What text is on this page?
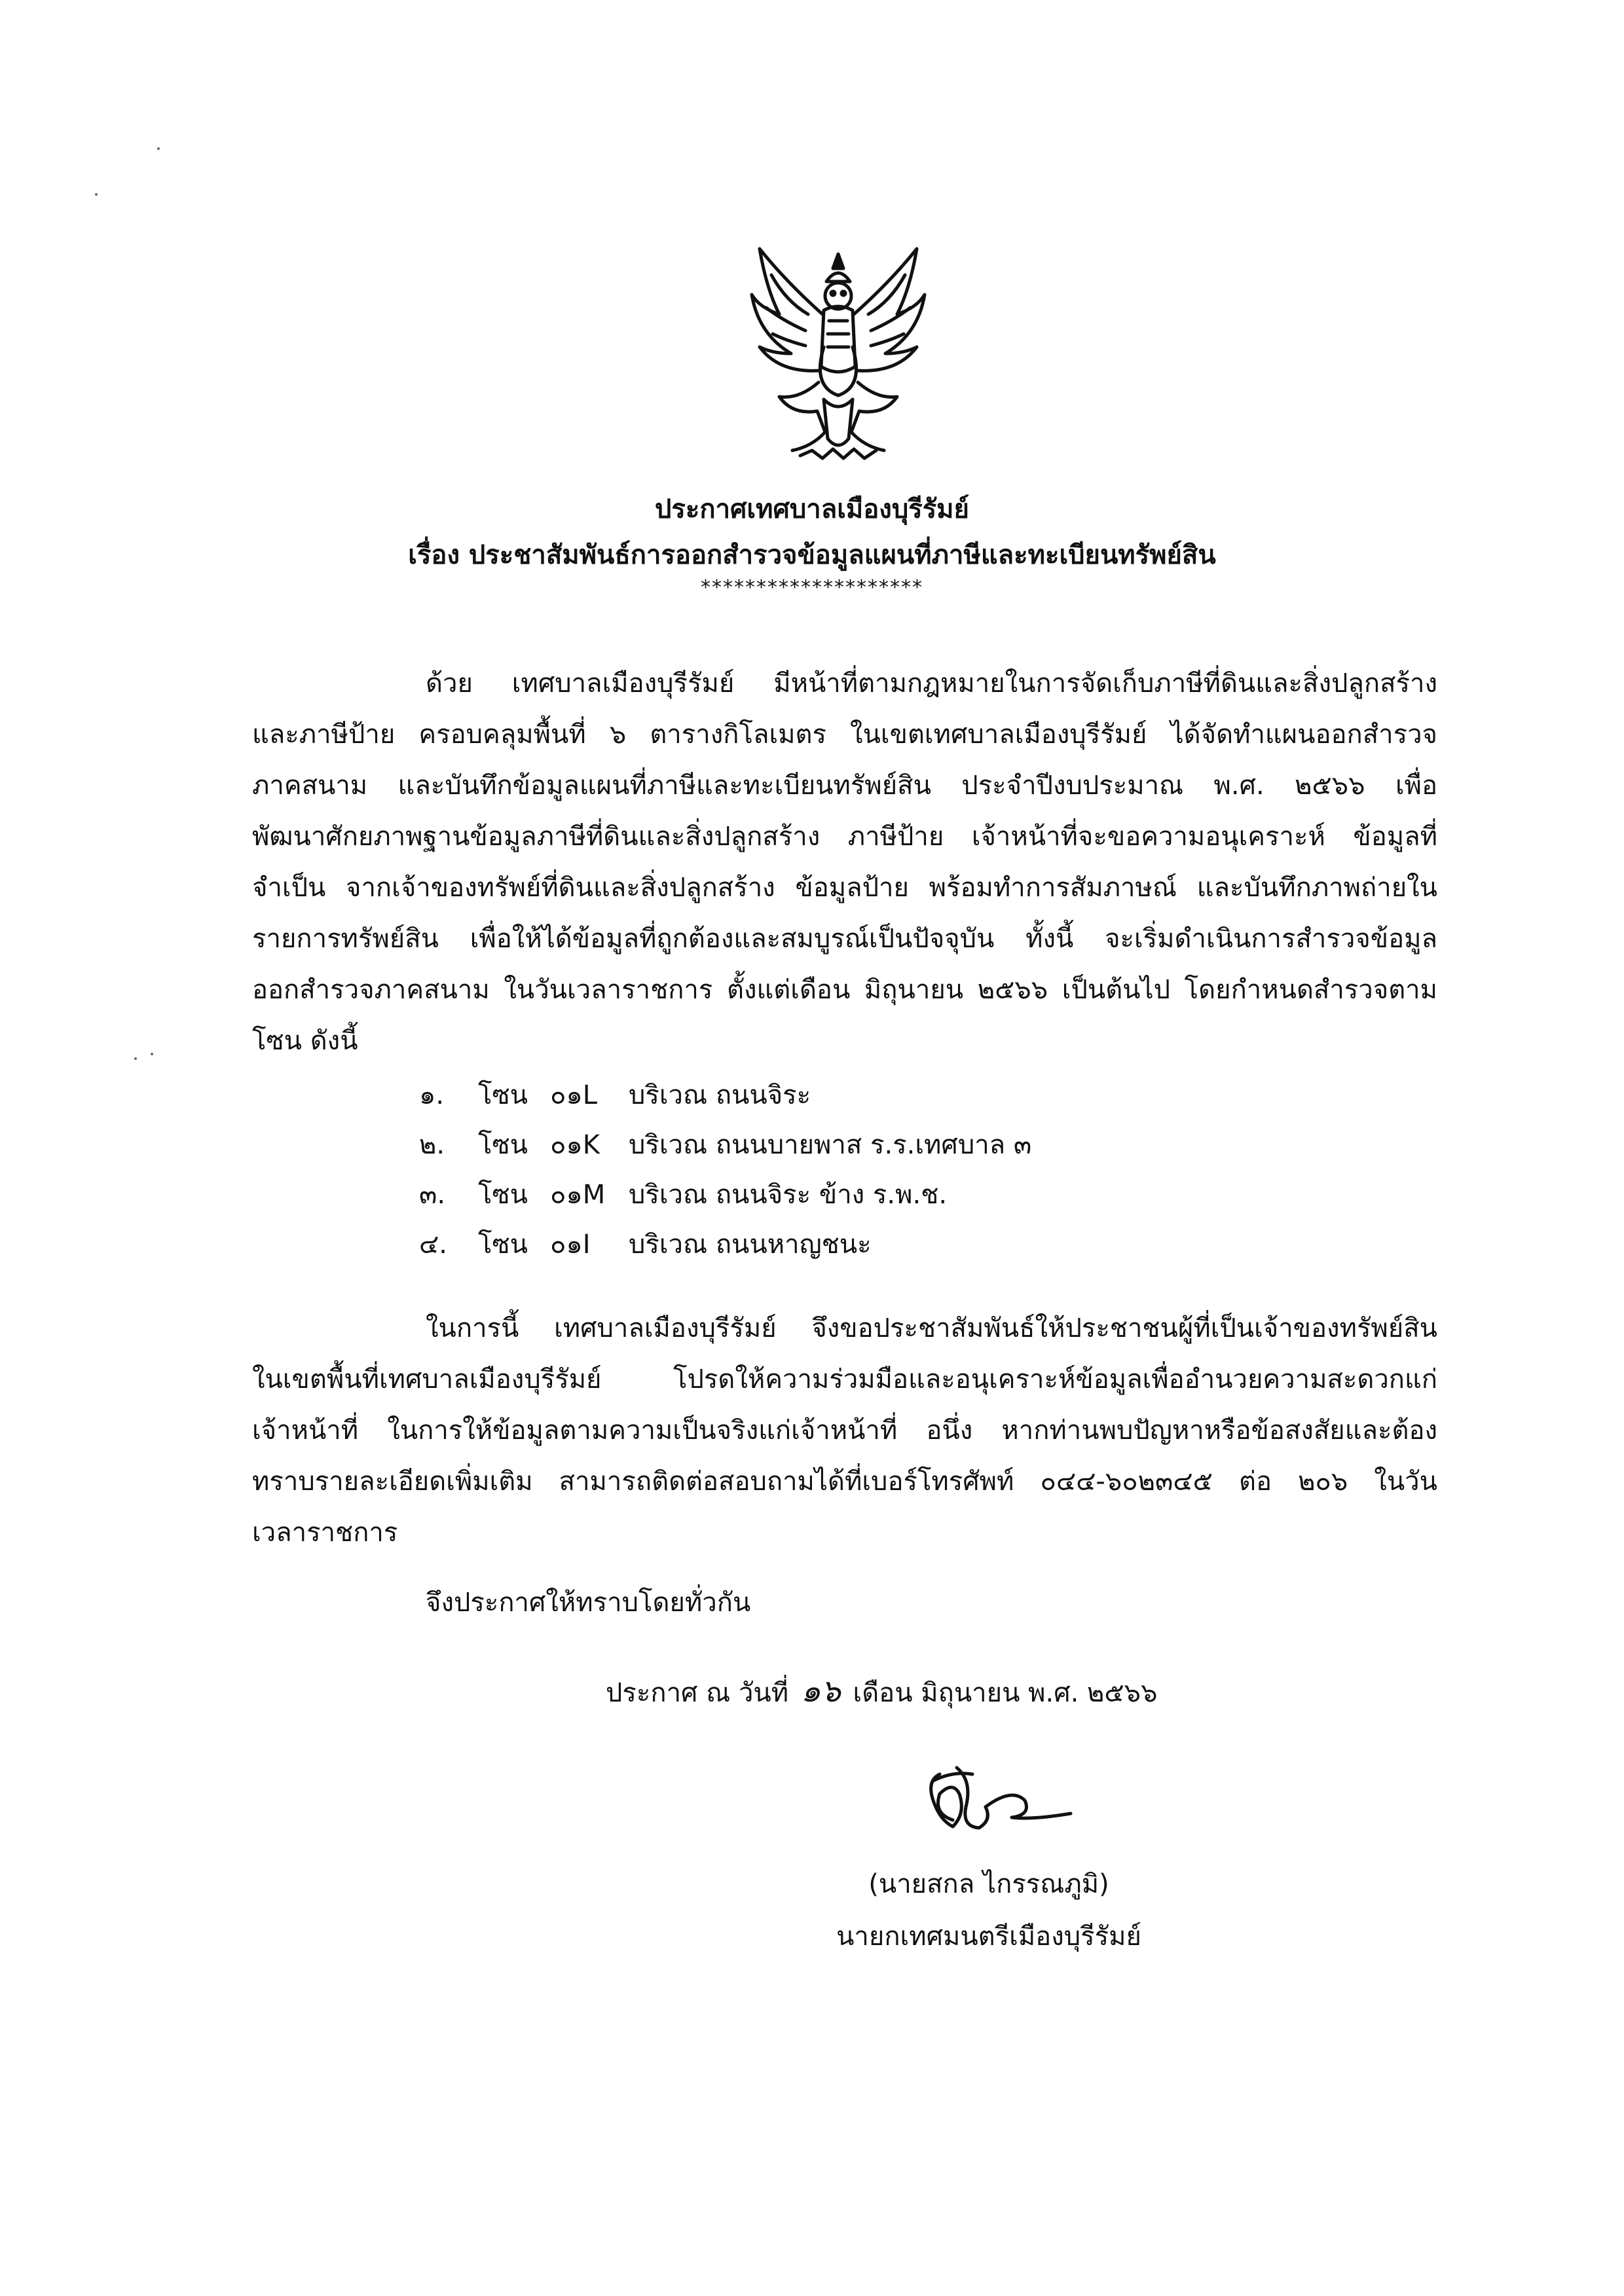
ประกาศเทศบาลเมืองบุรีรัมย์
เรื่อง ประชาสัมพันธ์การออกสำรวจข้อมูลแผนที่ภาษีและทะเบียนทรัพย์สิน
********************
ด้วย เทศบาลเมืองบุรีรัมย์ มีหน้าที่ตามกฎหมายในการจัดเก็บภาษีที่ดินและสิ่งปลูกสร้าง
และภาษีป้าย ครอบคลุมพื้นที่ ๖ ตารางกิโลเมตร ในเขตเทศบาลเมืองบุรีรัมย์ ได้จัดทำแผนออกสำรวจ
ภาคสนาม และบันทึกข้อมูลแผนที่ภาษีและทะเบียนทรัพย์สิน ประจำปีงบประมาณ พ.ศ. ๒๕๖๖ เพื่อ
พัฒนาศักยภาพฐานข้อมูลภาษีที่ดินและสิ่งปลูกสร้าง ภาษีป้าย เจ้าหน้าที่จะขอความอนุเคราะห์ ข้อมูลที่
จำเป็น จากเจ้าของทรัพย์ที่ดินและสิ่งปลูกสร้าง ข้อมูลป้าย พร้อมทำการสัมภาษณ์ และบันทึกภาพถ่ายใน
รายการทรัพย์สิน เพื่อให้ได้ข้อมูลที่ถูกต้องและสมบูรณ์เป็นปัจจุบัน ทั้งนี้ จะเริ่มดำเนินการสำรวจข้อมูล
ออกสำรวจภาคสนาม ในวันเวลาราชการ ตั้งแต่เดือน มิถุนายน ๒๕๖๖ เป็นต้นไป โดยกำหนดสำรวจตาม
โซน ดังนี้
๑.	โซน ๐๑L	บริเวณ ถนนจิระ
๒.	โซน ๐๑K	บริเวณ ถนนบายพาส ร.ร.เทศบาล ๓
๓.	โซน ๐๑M บริเวณ ถนนจิระ ข้าง ร.พ.ช.
๔.	โซน ๐๑I	บริเวณ ถนนหาญชนะ
ในการนี้ เทศบาลเมืองบุรีรัมย์ จึงขอประชาสัมพันธ์ให้ประชาชนผู้ที่เป็นเจ้าของทรัพย์สิน
ในเขตพื้นที่เทศบาลเมืองบุรีรัมย์ โปรดให้ความร่วมมือและอนุเคราะห์ข้อมูลเพื่ออำนวยความสะดวกแก่
เจ้าหน้าที่ ในการให้ข้อมูลตามความเป็นจริงแก่เจ้าหน้าที่ อนึ่ง หากท่านพบปัญหาหรือข้อสงสัยและต้อง
ทราบรายละเอียดเพิ่มเติม สามารถติดต่อสอบถามได้ที่เบอร์โทรศัพท์ ๐๔๔-๖๐๒๓๔๕ ต่อ ๒๐๖ ในวัน
เวลาราชการ
จึงประกาศให้ทราบโดยทั่วกัน
ประกาศ ณ วันที่ ๑๖ เดือน มิถุนายน พ.ศ. ๒๕๖๖
(นายสกล ไกรรณภูมิ)
นายกเทศมนตรีเมืองบุรีรัมย์
